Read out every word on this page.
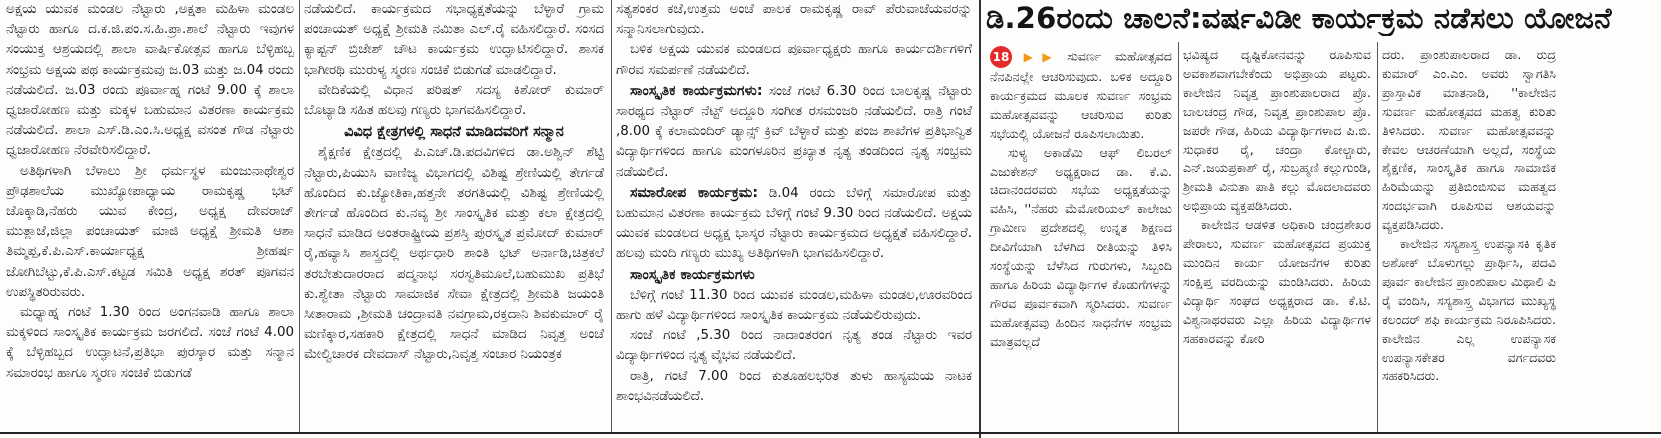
ಅಕ್ಷಯ ಯುವಕ ಮಂಡಲ ನೆಟ್ಟಾರು ,ಅಕ್ಷತಾ ಮಹಿಳಾ ಮಂಡಲ ನೆಟ್ಟಾರು ಹಾಗೂ ದ.ಕ.ಜಿ.ಪಂ.ಸ.ಹಿ.ಪ್ರಾ.ಶಾಲೆ ನೆಟ್ಟಾರು ಇವುಗಳ ಸಂಯುಕ್ತ ಆಶ್ರಯದಲ್ಲಿ ಶಾಲಾ ವಾರ್ಷಿಕೋತ್ಸವ ಹಾಗೂ ಬೆಳ್ಳಿಹಬ್ಬ ಸಂಭ್ರಮ ಅಕ್ಷಯ ಪಥ ಕಾರ್ಯಕ್ರಮವು ಜ.03 ಮತ್ತು ಜ.04 ರಂದು ನಡೆಯಲಿದೆ. ಜ.03 ರಂದು ಪೂರ್ವಾಹ್ನ ಗಂಟೆ 9.00 ಕ್ಕೆ ಶಾಲಾ ಧ್ವಜಾರೋಹಣ ಮತ್ತು ಮಕ್ಕಳ ಬಹುಮಾನ ವಿತರಣಾ ಕಾರ್ಯಕ್ರಮ ನಡೆಯಲಿದೆ. ಶಾಲಾ ಎಸ್.ಡಿ.ಎಂ.ಸಿ.ಅಧ್ಯಕ್ಷ ವಸಂತ ಗೌಡ ನೆಟ್ಟಾರು ಧ್ವಜಾರೋಹಣ ನೆರವೇರಿಸಲಿದ್ದಾರೆ.

ಅತಿಥಿಗಳಾಗಿ ಬೆಳಾಲು ಶ್ರೀ ಧರ್ಮಸ್ಥಳ ಮಂಜುನಾಥೇಶ್ವರ ಪ್ರೌಢಶಾಲೆಯ ಮುಖ್ಯೋಪಾಧ್ಯಾಯ ರಾಮಕೃಷ್ಣ ಭಟ್ ಚೊಕ್ಕಾಡಿ,ನೆಹರು ಯುವ ಕೇಂದ್ರ, ಅಧ್ಯಕ್ಷ ದೇವರಾಜ್ ಮುತ್ಲಾಜೆ,ಜಿಲ್ಲಾ ಪಂಚಾಯತ್ ಮಾಜಿ ಅಧ್ಯಕ್ಷೆ ಶ್ರೀಮತಿ ಆಶಾ ತಿಮ್ಮಪ್ಪ,ಕೆ.ಪಿ.ಎಸ್.ಕಾರ್ಯಾಧ್ಯಕ್ಷ ಶ್ರೀಹರ್ಷ ಜೋಗಿಬೆಟ್ಟು,ಕೆ.ಪಿ.ಎಸ್.ಕಟ್ಟಡ ಸಮಿತಿ ಅಧ್ಯಕ್ಷ ಶರತ್ ಪೂಗವನ ಉಪಸ್ಥಿತರಿರುವರು.

ಮಧ್ಯಾಹ್ನ ಗಂಟೆ 1.30 ರಿಂದ ಅಂಗನವಾಡಿ ಹಾಗೂ ಶಾಲಾ ಮಕ್ಕಳಿಂದ ಸಾಂಸ್ಕೃತಿಕ ಕಾರ್ಯಕ್ರಮ ಜರಗಲಿದೆ. ಸಂಜೆ ಗಂಟೆ 4.00 ಕ್ಕೆ ಬೆಳ್ಳಿಹಬ್ಬದ ಉದ್ಘಾಟನೆ,ಪ್ರತಿಭಾ ಪುರಸ್ಕಾರ ಮತ್ತು ಸನ್ಮಾನ ಸಮಾರಂಭ ಹಾಗೂ ಸ್ಮರಣ ಸಂಚಿಕೆ ಬಿಡುಗಡೆ

ನಡೆಯಲಿದೆ. ಕಾರ್ಯಕ್ರಮದ ಸಭಾಧ್ಯಕ್ಷತೆಯನ್ನು ಬೆಳ್ಳಾರೆ ಗ್ರಾಮ ಪಂಚಾಯತ್ ಅಧ್ಯಕ್ಷೆ ಶ್ರೀಮತಿ ನಮಿತಾ ಎಲ್.ರೈ ವಹಿಸಲಿದ್ದಾರೆ. ಸಂಸದ ಕ್ಯಾಪ್ಟನ್ ಬ್ರಿಜೇಶ್ ಚೌಟ ಕಾರ್ಯಕ್ರಮ ಉದ್ಘಾಟಿಸಲಿದ್ದಾರೆ. ಶಾಸಕ ಭಾಗೀರಥಿ ಮುರುಳ್ಯ ಸ್ಮರಣ ಸಂಚಿಕೆ ಬಿಡುಗಡೆ ಮಾಡಲಿದ್ದಾರೆ.

ವೇದಿಕೆಯಲ್ಲಿ ವಿಧಾನ ಪರಿಷತ್ ಸದಸ್ಯ ಕಿಶೋರ್ ಕುಮಾರ್ ಬೊಟ್ಯಾಡಿ ಸಹಿತ ಹಲವು ಗಣ್ಯರು ಭಾಗವಹಿಸಲಿದ್ದಾರೆ.

ವಿವಿಧ ಕ್ಷೇತ್ರಗಳಲ್ಲಿ ಸಾಧನೆ ಮಾಡಿದವರಿಗೆ ಸನ್ಮಾನ

ಶೈಕ್ಷಣಿಕ ಕ್ಷೇತ್ರದಲ್ಲಿ ಪಿ.ಎಚ್.ಡಿ.ಪದವಿಗಳಿದ ಡಾ.ಅಶ್ವಿನ್ ಶೆಟ್ಟಿ ನೆಟ್ಟಾರು,ಪಿಯುಸಿ ವಾಣಿಜ್ಯ ವಿಭಾಗದಲ್ಲಿ ವಿಶಿಷ್ಟ ಶ್ರೇಣಿಯಲ್ಲಿ ತೇರ್ಗಡೆ ಹೊಂದಿದ ಕು.ಜ್ಯೋತಿಕಾ,ಹತ್ತನೇ ತರಗತಿಯಲ್ಲಿ ವಿಶಿಷ್ಟ ಶ್ರೇಣಿಯಲ್ಲಿ ತೇರ್ಗಡೆ ಹೊಂದಿದ ಕು.ನವ್ಯ ಶ್ರೀ ಸಾಂಸ್ಕೃತಿಕ ಮತ್ತು ಕಲಾ ಕ್ಷೇತ್ರದಲ್ಲಿ ಸಾಧನೆ ಮಾಡಿದ ಅಂತರಾಷ್ಟ್ರೀಯ ಪ್ರಶಸ್ತಿ ಪುರಸ್ಕೃತ ಪ್ರಮೋದ್ ಕುಮಾರ್ ರೈ,ಹವ್ಯಾಸಿ ಶಾಸ್ತ್ರದಲ್ಲಿ ಅರ್ಥಧಾರಿ ಶಾಂತಿ ಭಟ್ ಅರ್ನಾಡಿ,ಚಿತ್ರಕಲೆ ತರಬೇತುದಾರರಾದ ಪದ್ಮನಾಭ ಸರಸ್ವತಿಮೂಲೆ,ಬಹುಮುಖ ಪ್ರತಿಭೆ ಕು.ಶ್ವೇತಾ ನೆಟ್ಟಾರು ಸಾಮಾಜಿಕ ಸೇವಾ ಕ್ಷೇತ್ರದಲ್ಲಿ ಶ್ರೀಮತಿ ಜಯಂತಿ ಸೀತಾರಾಮ ,ಶ್ರೀಮತಿ ಚಂದ್ರಾವತಿ ನವಗ್ರಾಮ,ರಕ್ತದಾನಿ ಶಿವಕುಮಾರ್ ರೈ ಮಣಿಕ್ಕಾರ,ಸಹಕಾರಿ ಕ್ಷೇತ್ರದಲ್ಲಿ ಸಾಧನೆ ಮಾಡಿದ ನಿವೃತ್ತ ಅಂಚೆ ಮೇಲ್ವಿಚಾರಕ ದೇವದಾಸ್ ನೆಟ್ಟಾರು,ನಿವೃತ್ತ ಸಂಚಾರ ನಿಯಂತ್ರಕ

ಸತ್ಯಶಂಕರ ಕಜೆ,ಉತ್ತಮ ಅಂಚೆ ಪಾಲಕ ರಾಮಕೃಷ್ಣ ರಾವ್ ಪೆರುವಾಜೆಯವರನ್ನು ಸನ್ಮಾನಿಸಲಾಗುವುದು.

ಬಳಿಕ ಅಕ್ಷಯ ಯುವಕ ಮಂಡಲದ ಪೂರ್ವಾಧ್ಯಕ್ಷರು ಹಾಗೂ ಕಾರ್ಯದರ್ಶಿಗಳಿಗೆ ಗೌರವ ಸಮರ್ಪಣೆ ನಡೆಯಲಿದೆ.

ಸಾಂಸ್ಕೃತಿಕ ಕಾರ್ಯಕ್ರಮಗಳು: ಸಂಜೆ ಗಂಟೆ 6.30 ರಿಂದ ಬಾಲಕೃಷ್ಣ ನೆಟ್ಟಾರು ಸಾರಥ್ಯದ ನೆಟ್ಟಾರ್ ನೆಟ್ಟ್ ಅದ್ದೂರಿ ಸಂಗೀತ ರಸಮಂಜರಿ ನಡೆಯಲಿದೆ. ರಾತ್ರಿ ಗಂಟೆ ,8.00 ಕ್ಕೆ ಕಲಾಮಂದಿರ್ ಡ್ಯಾನ್ಸ್ ಕ್ರಿವ್ ಬೆಳ್ಳಾರೆ ಮತ್ತು ಪಂಜ ಶಾಖೆಗಳ ಪ್ರತಿಭಾನ್ವಿತ ವಿದ್ಯಾರ್ಥಿಗಳಿಂದ ಹಾಗೂ ಮಂಗಳೂರಿನ ಪ್ರಖ್ಯಾತ ನೃತ್ಯ ತಂಡದಿಂದ ನೃತ್ಯ ಸಂಭ್ರಮ ನಡೆಯಲಿದೆ.

ಸಮಾರೋಪ ಕಾರ್ಯಕ್ರಮ: ಡಿ.04 ರಂದು ಬೆಳಿಗ್ಗೆ ಸಮಾರೋಪ ಮತ್ತು ಬಹುಮಾನ ವಿತರಣಾ ಕಾರ್ಯಕ್ರಮ ಬೆಳಿಗ್ಗೆ ಗಂಟೆ 9.30 ರಿಂದ ನಡೆಯಲಿದೆ. ಅಕ್ಷಯ ಯುವಕ ಮಂಡಲದ ಅಧ್ಯಕ್ಷ ಭಾಸ್ಕರ ನೆಟ್ಟಾರು ಕಾರ್ಯಕ್ರಮದ ಅಧ್ಯಕ್ಷತೆ ವಹಿಸಲಿದ್ದಾರೆ. ಹಲವು ಮಂದಿ ಗಣ್ಯರು ಮುಖ್ಯ ಅತಿಥಿಗಳಾಗಿ ಭಾಗವಹಿಸಲಿದ್ದಾರೆ.

ಸಾಂಸ್ಕೃತಿಕ ಕಾರ್ಯಕ್ರಮಗಳು

ಬೆಳಿಗ್ಗೆ ಗಂಟೆ 11.30 ರಿಂದ ಯುವಕ ಮಂಡಲ,ಮಹಿಳಾ ಮಂಡಲ,ಊರವರಿಂದ ಹಾಗು ಹಳೆ ವಿದ್ಯಾರ್ಥಿಗಳಿಂದ ಸಾಂಸ್ಕೃತಿಕ ಕಾರ್ಯಕ್ರಮ ನಡೆಯಲಿರುವುದು.

ಸಂಜೆ ಗಂಟೆ ,5.30 ರಿಂದ ನಾದಾಂತರಂಗ ನೃತ್ಯ ತಂಡ ನೆಟ್ಟಾರು ಇವರ ವಿದ್ಯಾರ್ಥಿಗಳಿಂದ ನೃತ್ಯ ವೈಭವ ನಡೆಯಲಿದೆ.

ರಾತ್ರಿ, ಗಂಟೆ 7.00 ರಿಂದ ಕುತೂಹಲಭರಿತ ತುಳು ಹಾಸ್ಯಮಯ ನಾಟಕ ಶಾಂಭವಿನಡೆಯಲಿದೆ.

ಡಿ.26ರಂದು ಚಾಲನೆ:ವರ್ಷವಿಡೀ ಕಾರ್ಯಕ್ರಮ ನಡೆಸಲು ಯೋಜನೆ

18 ▶▶ ಸುವರ್ಣ ಮಹೋತ್ಸವದ ನೆನಪಿನಲ್ಲೇ ಆಚರಿಸುವುದು. ಬಳಿಕ ಅದ್ದೂರಿ ಕಾರ್ಯಕ್ರಮದ ಮೂಲಕ ಸುವರ್ಣ ಸಂಭ್ರಮ ಮಹೋತ್ಸವವನ್ನು ಆಚರಿಸುವ ಕುರಿತು ಸಭೆಯಲ್ಲಿ ಯೋಜನೆ ರೂಪಿಸಲಾಯಿತು.

ಸುಳ್ಯ ಅಕಾಡೆಮಿ ಆಫ್ ಲಿಬರಲ್ ಎಜುಕೇಶನ್ ಅಧ್ಯಕ್ಷರಾದ ಡಾ. ಕೆ.ವಿ. ಚಿದಾನಂದರವರು ಸಭೆಯ ಅಧ್ಯಕ್ಷತೆಯನ್ನು ವಹಿಸಿ, ''ನೆಹರು ಮೆಮೋರಿಯಲ್ ಕಾಲೇಜು ಗ್ರಾಮೀಣ ಪ್ರದೇಶದಲ್ಲಿ ಉನ್ನತ ಶಿಕ್ಷಣದ ದೀವಿಗೆಯಾಗಿ ಬೆಳಗಿದ ರೀತಿಯನ್ನು ತಿಳಿಸಿ ಸಂಸ್ಥೆಯನ್ನು ಬೆಳೆಸಿದ ಗುರುಗಳು, ಸಿಬ್ಬಂದಿ ಹಾಗೂ ಹಿರಿಯ ವಿದ್ಯಾರ್ಥಿಗಳ ಕೊಡುಗೆಗಳನ್ನು ಗೌರವ ಪೂರ್ವಕವಾಗಿ ಸ್ಮರಿಸಿದರು. ಸುವರ್ಣ ಮಹೋತ್ಸವವು ಹಿಂದಿನ ಸಾಧನೆಗಳ ಸಂಭ್ರಮ ಮಾತ್ರವಲ್ಲದೆ

ಭವಿಷ್ಯದ ದೃಷ್ಟಿಕೋನವನ್ನು ರೂಪಿಸುವ ಅವಕಾಶವಾಗಬೇಕೆಂದು ಅಭಿಪ್ರಾಯ ಪಟ್ಟರು. ಕಾಲೇಜಿನ ನಿವೃತ್ತ ಪ್ರಾಂಶುಪಾಲರಾದ ಪ್ರೊ. ಬಾಲಚಂದ್ರ ಗೌಡ, ನಿವೃತ್ತ ಪ್ರಾಂಶುಪಾಲ ಪ್ರೊ. ಜಪರೇ ಗೌಡ, ಹಿರಿಯ ವಿದ್ಯಾರ್ಥಿಗಳಾದ ಪಿ.ಬಿ. ಸುಧಾಕರ ರೈ, ಚಂದ್ರಾ ಕೋಲ್ಚಾರು, ಎನ್.ಜಯಪ್ರಕಾಶ್ ರೈ, ಸುಬ್ರಹ್ಮಣಿ ಕಲ್ಲುಗುಂಡಿ, ಶ್ರೀಮತಿ ವಿನುತಾ ಪಾತಿ ಕಲ್ಲು ಮೊದಲಾದವರು ಅಭಿಪ್ರಾಯ ವ್ಯಕ್ತಪಡಿಸಿದರು.

ಕಾಲೇಜಿನ ಆಡಳಿತ ಅಧಿಕಾರಿ ಚಂದ್ರಶೇಖರ ಪೇರಾಲು, ಸುವರ್ಣ ಮಹೋತ್ಸವದ ಪ್ರಯುಕ್ತ ಮುಂದಿನ ಕಾರ್ಯ ಯೋಜನೆಗಳ ಕುರಿತು ಸಂಕ್ಷಿಪ್ತ ವರದಿಯನ್ನು ಮಂಡಿಸಿದರು. ಹಿರಿಯ ವಿದ್ಯಾರ್ಥಿ ಸಂಘದ ಅಧ್ಯಕ್ಷರಾದ ಡಾ. ಕೆ.ಟಿ. ವಿಶ್ವನಾಥರವರು ಎಲ್ಲಾ ಹಿರಿಯ ವಿದ್ಯಾರ್ಥಿಗಳ ಸಹಕಾರವನ್ನು ಕೋರಿ

ದರು. ಪ್ರಾಂಶುಪಾಲರಾದ ಡಾ. ರುದ್ರ ಕುಮಾರ್ ಎಂ.ಎಂ. ಅವರು ಸ್ವಾಗತಿಸಿ ಪ್ರಾಸ್ತಾವಿಕ ಮಾತನಾಡಿ, ''ಕಾಲೇಜಿನ ಸುವರ್ಣ ಮಹೋತ್ಸವದ ಮಹತ್ವ ಕುರಿತು ತಿಳಿಸಿದರು. ಸುವರ್ಣ ಮಹೋತ್ಸವವನ್ನು ಕೇವಲ ಆಚರಣೆಯಾಗಿ ಅಲ್ಲದೆ, ಸಂಸ್ಥೆಯ ಶೈಕ್ಷಣಿಕ, ಸಾಂಸ್ಕೃತಿಕ ಹಾಗೂ ಸಾಮಾಜಿಕ ಹಿರಿಮೆಯನ್ನು ಪ್ರತಿಬಿಂಬಿಸುವ ಮಹತ್ವದ ಸಂದರ್ಭವಾಗಿ ರೂಪಿಸುವ ಆಶಯವನ್ನು ವ್ಯಕ್ತಪಡಿಸಿದರು.

ಕಾಲೇಜಿನ ಸಸ್ಯಶಾಸ್ತ್ರ ಉಪನ್ಯಾಸಕಿ ಕೃತಿಕ ಅಶೋಕ್ ಬೊಳುಗಲ್ಲು ಪ್ರಾರ್ಥಿಸಿ, ಪದವಿ ಪೂರ್ವ ಕಾಲೇಜಿನ ಪ್ರಾಂಶುಪಾಲ ಮಿಥಾಲಿ ಪಿ ರೈ ವಂದಿಸಿ, ಸಸ್ಯಶಾಸ್ತ್ರ ವಿಭಾಗದ ಮುಖ್ಯಸ್ಥ ಕಲಂದರ್ ಶಫಿ ಕಾರ್ಯಕ್ರಮ ನಿರೂಪಿಸಿದರು. ಕಾಲೇಜಿನ ಎಲ್ಲ ಉಪನ್ಯಾಸಕ ಉಪನ್ಯಾಸಕೇತರ ವರ್ಗದವರು ಸಹಕರಿಸಿದರು.
